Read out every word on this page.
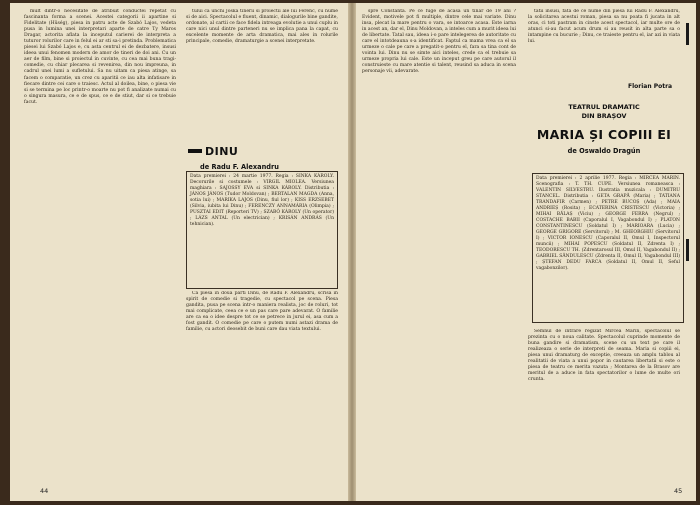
mult dintr-o necesitate de atribuit conductei repetat cu fascinanta forma a scenei. Acestei categorii ii apartine si Fidelitate (Hûség), piesa in patru acte de Szabó Lajos, vedeta pusa in lumina unei interpretari aparte de catre Ty Maros Dragar, actorita aflata la inceputul carierei de interpreta a tuturor rolurilor care in felul ei ar sti sa-i pretinda. Problematica piesei lui Szabó Lajos e, cu asta centrul ei de dezbatere, insusi ideea unui fenomen modern de amor de tineri de doi ani. Cu un aer de film, bine si proiectul in cuvinte, cu cea mai buna tragi-comedie, cu chiar plecarea si revenirea, din nou impreuna, in cadrul unei lumi a sufletului. Sa nu uitam ca piesa atinge, sa facem o comparatie, un crez cu aparitii ce iau alta infatisare in fiecare dintre cei care o traiesc. Actul al doilea, bine, o piesa vie si se termina pe loc printr-o moarte nu pot fi analizate numai cu o singura masura, ce e de spus, ce e de stiut, dar si ce trebuie facut.

tului ca unchi Jóska tinerii si proiectii ale lui Ferenc, cu nume si de aici. Spectacolul e fluent, dinamic, dialogurile bine gandite, ordonate, al cartii ce face fidela intreaga evolutie a unui cuplu in care nici unul dintre parteneri nu se implica pana la capat, cu excelente momente de arta dramatica, mai ales in rolurile principale, comedie, dramaturgie a scenei interpretate.

DINU
de Radu F. Alexandru

Data premierei : 24 martie 1977. Regia : SINKA KÁROLY. Decorurile si costumele : VIRGIL MIOLEA. Versiunea maghiara : SAJOSSY EVA si SINKA KÁROLY. Distributia : JÁNOS JÁNOS (Tudor Moldovan) ; BERTALAN MAGDA (Anna, sotia lui) ; MARIKA LAJOS (Dinu, fiul lor) ; KISS ERZSEBET (Silvia, iubita lui Dinu) ; FERENCZY ANNAMÁRIA (Olimpia) ; PUSZTAI EDIT (Reporteri TV) ; SZABÓ KÁROLY (Un operator) ; LÁZS ANTAL (Un electrician) ; KRISÁN ANDRÁS (Un tehnician).

Ca piesa in doua parti Dinu, de Radu F. Alexandru, scrisa in spirit de comedie si tragedie, cu spectacol pe scena. Piesa gandita, pusa pe scena intr-o maniera realista, joc de roluri, tot mai complicate, ceea ce e un pas care pare adevarat. O familie are ca ea o idee despre tot ce se petrece in jurul ei, asa cum a fost gandit. O comedie pe care o putem numi astazi drama de familie, cu actori deosebit de buni care dau viata textului.

44

spre Constanta. Pe ce fuge de acasa un tinar de 19 ani ? Evident, motivele pot fi multiple, dintre cele mai variate. Dinu insa, plecat la mare pentru o vara, se intoarce acasa. Este iarna in acest an, dar el, Dinu Moldovan, a inteles cum a murit ideea lui de libertate. Tatal sau, ideea i-o pare intelegerea de autoritate cu care el intotdeauna s-a identificat. Faptul ca mama vrea ca el sa urmeze o cale pe care a pregatit-o pentru el, fara sa tina cont de vointa lui. Dinu nu se simte aici inteles, crede ca el trebuie sa urmeze propria lui cale. Este un inceput greu pe care autorul il construieste cu mare atentie si talent, reusind sa aduca in scena personaje vii, adevarate.

tatii insusi, fata de ce nume din piesa lui Radu F. Alexandru, la solicitarea acestui roman, piesa sa nu poata fi jucata in alt oras, ci toti pastram in cinste acest spectacol, iar multe ore de atunci si-au facut acum drum si au reusit in alta parte sa o intampine cu bucurie ; Dinu, ce traieste pentru el, iar azi in viata lui.

Florian Potra
TEATRUL DRAMATIC
DIN BRAȘOV
MARIA ȘI COPIII EI
de Oswaldo Dragún

Data premierei : 2 aprilie 1977. Regia : MIRCEA MARIN. Scenografia : T. TH. CUPE. Versiunea romaneasca : VALENTIN SILVESTRU. Ilustratia muzicala : DUMITRU STANCEL. Distributia : GETA GRAPĂ (Maria) ; TATIANA TRANDAFIR (Carmen) ; PETRE BUCOȘ (Ada) ; MAIA ANDRIEȘ (Rosita) ; ECATERINA CRISTESCU (Victoria) ; MIHAI BĂLAȘ (Viciu) ; GEORGE FERRA (Negrul) ; COSTACHE BABII (Caporalul I, Vagabondul I) ; PLATON CONSTANTINESCU (Soldatul I) ; MARIOARA (Lucia) ; GEORGE GRIGORE (Servitorul) ; M. GHEORGHIU (Servitorul I) ; VICTOR IONESCU (Caporalul II, Omul I, Inspectorul muncii) ; MIHAI POPESCU (Soldatul II, Zdrenta I) ; TEODORESCU TH. (Zdrentarosul III, Omul II, Vagabondul II) ; GABRIEL SĂNDULESCU (Zdrenta II, Omul II, Vagabondul III) ; ȘTEFAN DEDU FARCA (Soldatul II, Omul II, Seful vagabonzilor).

Semnul de intrare regizat Mircea Marin, spectacolul se prezinta cu o noua calitate. Spectacolul cuprinde momente de buna gandire si dramatism, scene cu un text pe care il realizeaza o serie de interpreti de seama. Maria si copiii ei, piesa unui dramaturg de exceptie, creeaza un amplu tablou al realitatii de viata a unui popor in cautarea libertatii si este o piesa de teatru ce merita vazuta ; Montarea de la Brasov are meritul de a aduce in fata spectatorilor o lume de multe ori crunta.

45
